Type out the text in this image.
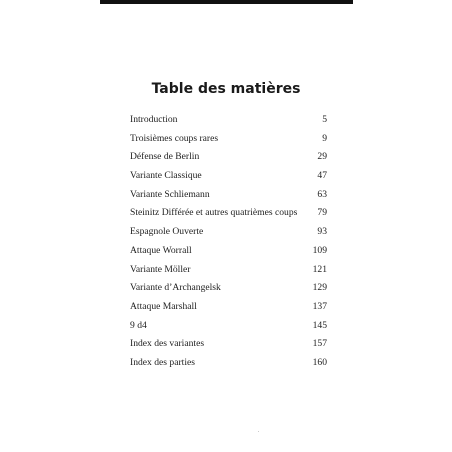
Table des matières
Introduction	5
Troisièmes coups rares	9
Défense de Berlin	29
Variante Classique	47
Variante Schliemann	63
Steinitz Différée et autres quatrièmes coups 79
Espagnole Ouverte	93
Attaque Worrall	109
Variante Möller	121
Variante d’Archangelsk	129
Attaque Marshall	137
9 d4	145
Index des variantes	157
Index des parties	160
